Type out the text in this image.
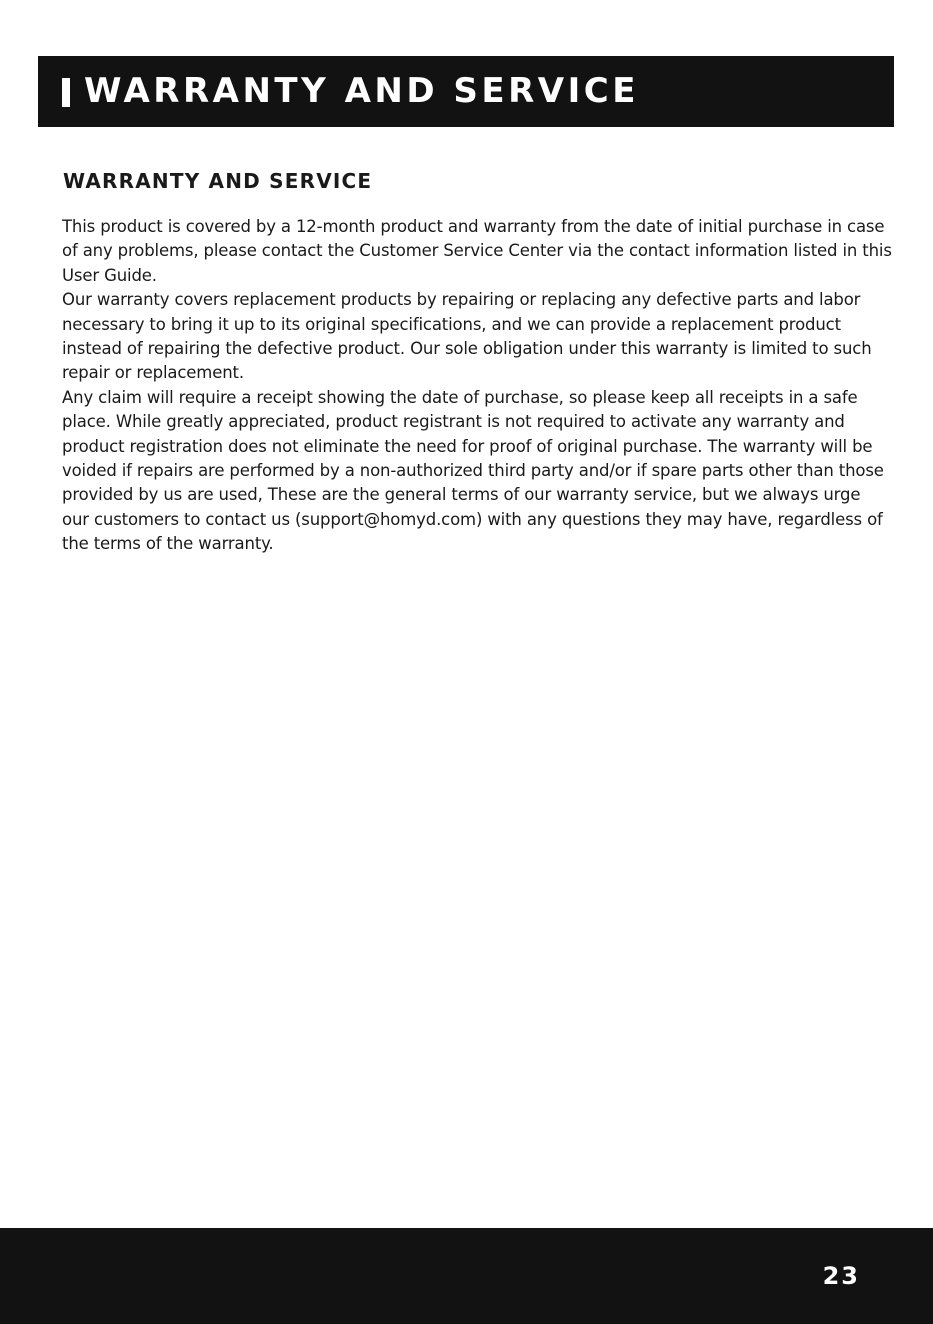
WARRANTY AND SERVICE
WARRANTY AND SERVICE

This product is covered by a 12-month product and warranty from the date of initial purchase in case of any problems, please contact the Customer Service Center via the contact information listed in this User Guide.

Our warranty covers replacement products by repairing or replacing any defective parts and labor necessary to bring it up to its original specifications, and we can provide a replacement product instead of repairing the defective product. Our sole obligation under this warranty is limited to such repair or replacement.

Any claim will require a receipt showing the date of purchase, so please keep all receipts in a safe place. While greatly appreciated, product registrant is not required to activate any warranty and product registration does not eliminate the need for proof of original purchase. The warranty will be voided if repairs are performed by a non-authorized third party and/or if spare parts other than those provided by us are used, These are the general terms of our warranty service, but we always urge our customers to contact us (support@homyd.com) with any questions they may have, regardless of the terms of the warranty.

23
